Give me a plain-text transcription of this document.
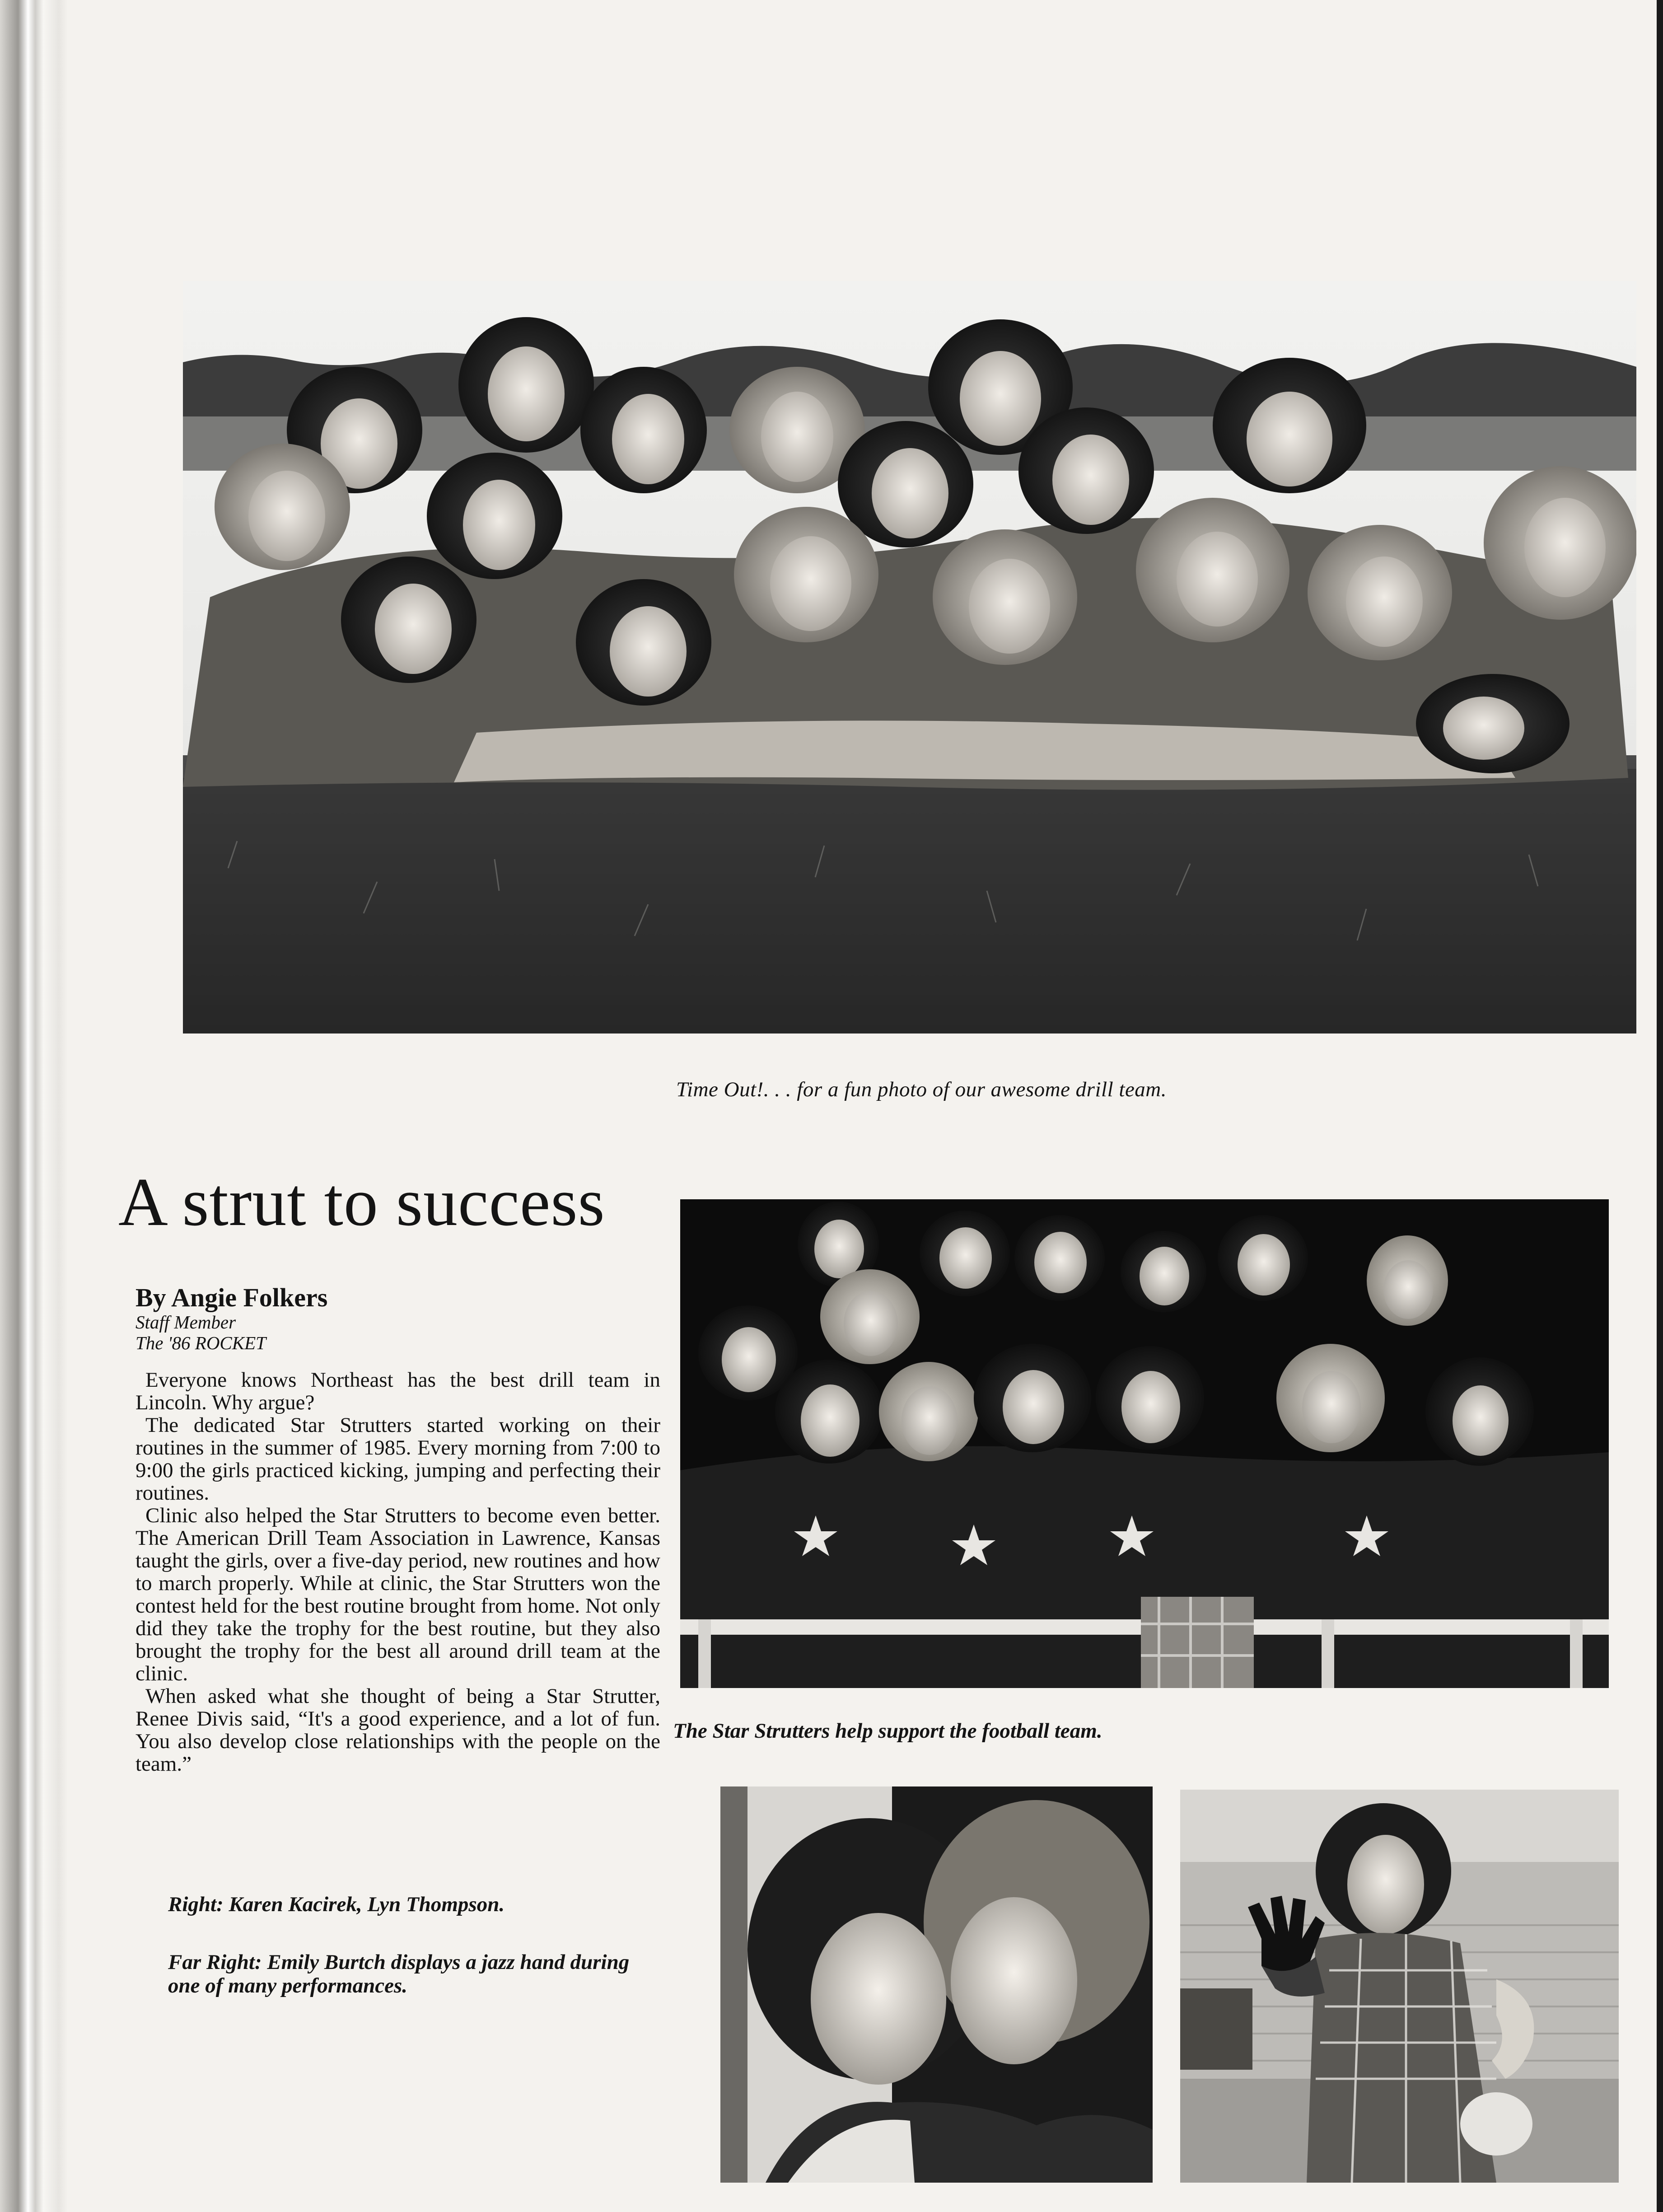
Time Out!. . . for a fun photo of our awesome drill team.

A strut to success
By Angie Folkers
Staff Member
The '86 ROCKET

Everyone knows Northeast has the best drill team in Lincoln. Why argue?

The dedicated Star Strutters started working on their routines in the summer of 1985. Every morning from 7:00 to 9:00 the girls practiced kicking, jumping and perfecting their routines.

Clinic also helped the Star Strutters to become even better. The American Drill Team Association in Lawrence, Kansas taught the girls, over a five-day period, new routines and how to march properly. While at clinic, the Star Strutters won the contest held for the best routine brought from home. Not only did they take the trophy for the best routine, but they also brought the trophy for the best all around drill team at the clinic.

When asked what she thought of being a Star Strutter, Renee Divis said, “It's a good experience, and a lot of fun. You also develop close relationships with the people on the team.”

The Star Strutters help support the football team.

Right: Karen Kacirek, Lyn Thompson.

Far Right: Emily Burtch displays a jazz hand during one of many performances.
